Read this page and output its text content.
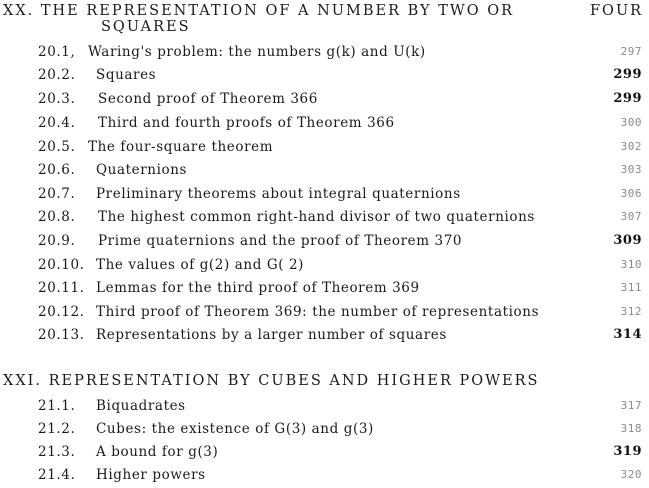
XX. THE REPRESENTATION OF A NUMBER BY TWO OR	FOUR
SQUARES
20.1, Waring's problem: the numbers g(k) and U(k)	297
20.2. Squares	299
20.3. Second proof of Theorem 366	299
20.4. Third and fourth proofs of Theorem 366	300
20.5. The four-square theorem	302
20.6. Quaternions	303
20.7. Preliminary theorems about integral quaternions	306
20.8. The highest common right-hand divisor of two quaternions	307
20.9. Prime quaternions and the proof of Theorem 370	309
20.10. The values of g(2) and G( 2)	310
20.11. Lemmas for the third proof of Theorem 369	311
20.12. Third proof of Theorem 369: the number of representations	312
20.13. Representations by a larger number of squares	314
XXI. REPRESENTATION BY CUBES AND HIGHER POWERS
21.1. Biquadrates	317
21.2. Cubes: the existence of G(3) and g(3)	318
21.3. A bound for g(3)	319
21.4. Higher powers	320
